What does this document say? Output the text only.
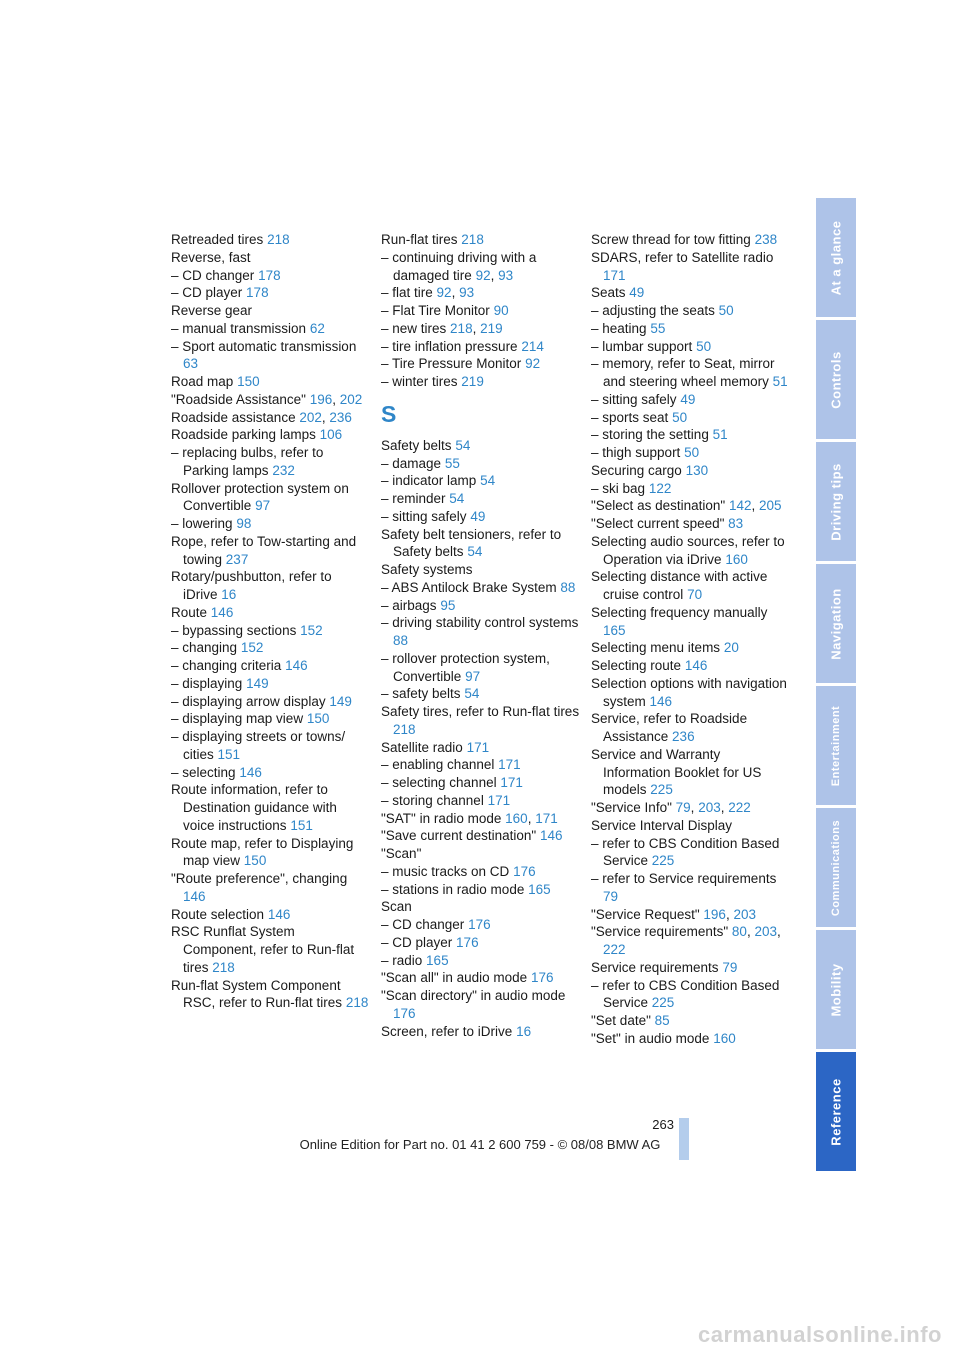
Retreaded tires 218
Reverse, fast
– CD changer 178
– CD player 178
Reverse gear
– manual transmission 62
– Sport automatic transmission 63
Road map 150
"Roadside Assistance" 196, 202
Roadside assistance 202, 236
Roadside parking lamps 106
– replacing bulbs, refer to Parking lamps 232
Rollover protection system on Convertible 97
– lowering 98
Rope, refer to Tow-starting and towing 237
Rotary/pushbutton, refer to iDrive 16
Route 146
– bypassing sections 152
– changing 152
– changing criteria 146
– displaying 149
– displaying arrow display 149
– displaying map view 150
– displaying streets or towns/ cities 151
– selecting 146
Route information, refer to Destination guidance with voice instructions 151
Route map, refer to Displaying map view 150
"Route preference", changing 146
Route selection 146
RSC Runflat System Component, refer to Run-flat tires 218
Run-flat System Component RSC, refer to Run-flat tires 218
Run-flat tires 218
– continuing driving with a damaged tire 92, 93
– flat tire 92, 93
– Flat Tire Monitor 90
– new tires 218, 219
– tire inflation pressure 214
– Tire Pressure Monitor 92
– winter tires 219
S
Safety belts 54
– damage 55
– indicator lamp 54
– reminder 54
– sitting safely 49
Safety belt tensioners, refer to Safety belts 54
Safety systems
– ABS Antilock Brake System 88
– airbags 95
– driving stability control systems 88
– rollover protection system, Convertible 97
– safety belts 54
Safety tires, refer to Run-flat tires 218
Satellite radio 171
– enabling channel 171
– selecting channel 171
– storing channel 171
"SAT" in radio mode 160, 171
"Save current destination" 146
"Scan"
– music tracks on CD 176
– stations in radio mode 165
Scan
– CD changer 176
– CD player 176
– radio 165
"Scan all" in audio mode 176
"Scan directory" in audio mode 176
Screen, refer to iDrive 16
Screw thread for tow fitting 238
SDARS, refer to Satellite radio 171
Seats 49
– adjusting the seats 50
– heating 55
– lumbar support 50
– memory, refer to Seat, mirror and steering wheel memory 51
– sitting safely 49
– sports seat 50
– storing the setting 51
– thigh support 50
Securing cargo 130
– ski bag 122
"Select as destination" 142, 205
"Select current speed" 83
Selecting audio sources, refer to Operation via iDrive 160
Selecting distance with active cruise control 70
Selecting frequency manually 165
Selecting menu items 20
Selecting route 146
Selection options with navigation system 146
Service, refer to Roadside Assistance 236
Service and Warranty Information Booklet for US models 225
"Service Info" 79, 203, 222
Service Interval Display
– refer to CBS Condition Based Service 225
– refer to Service requirements 79
"Service Request" 196, 203
"Service requirements" 80, 203, 222
Service requirements 79
– refer to CBS Condition Based Service 225
"Set date" 85
"Set" in audio mode 160
At a glance
Controls
Driving tips
Navigation
Entertainment
Communications
Mobility
Reference
263
Online Edition for Part no. 01 41 2 600 759 - © 08/08 BMW AG
carmanualsonline.info
